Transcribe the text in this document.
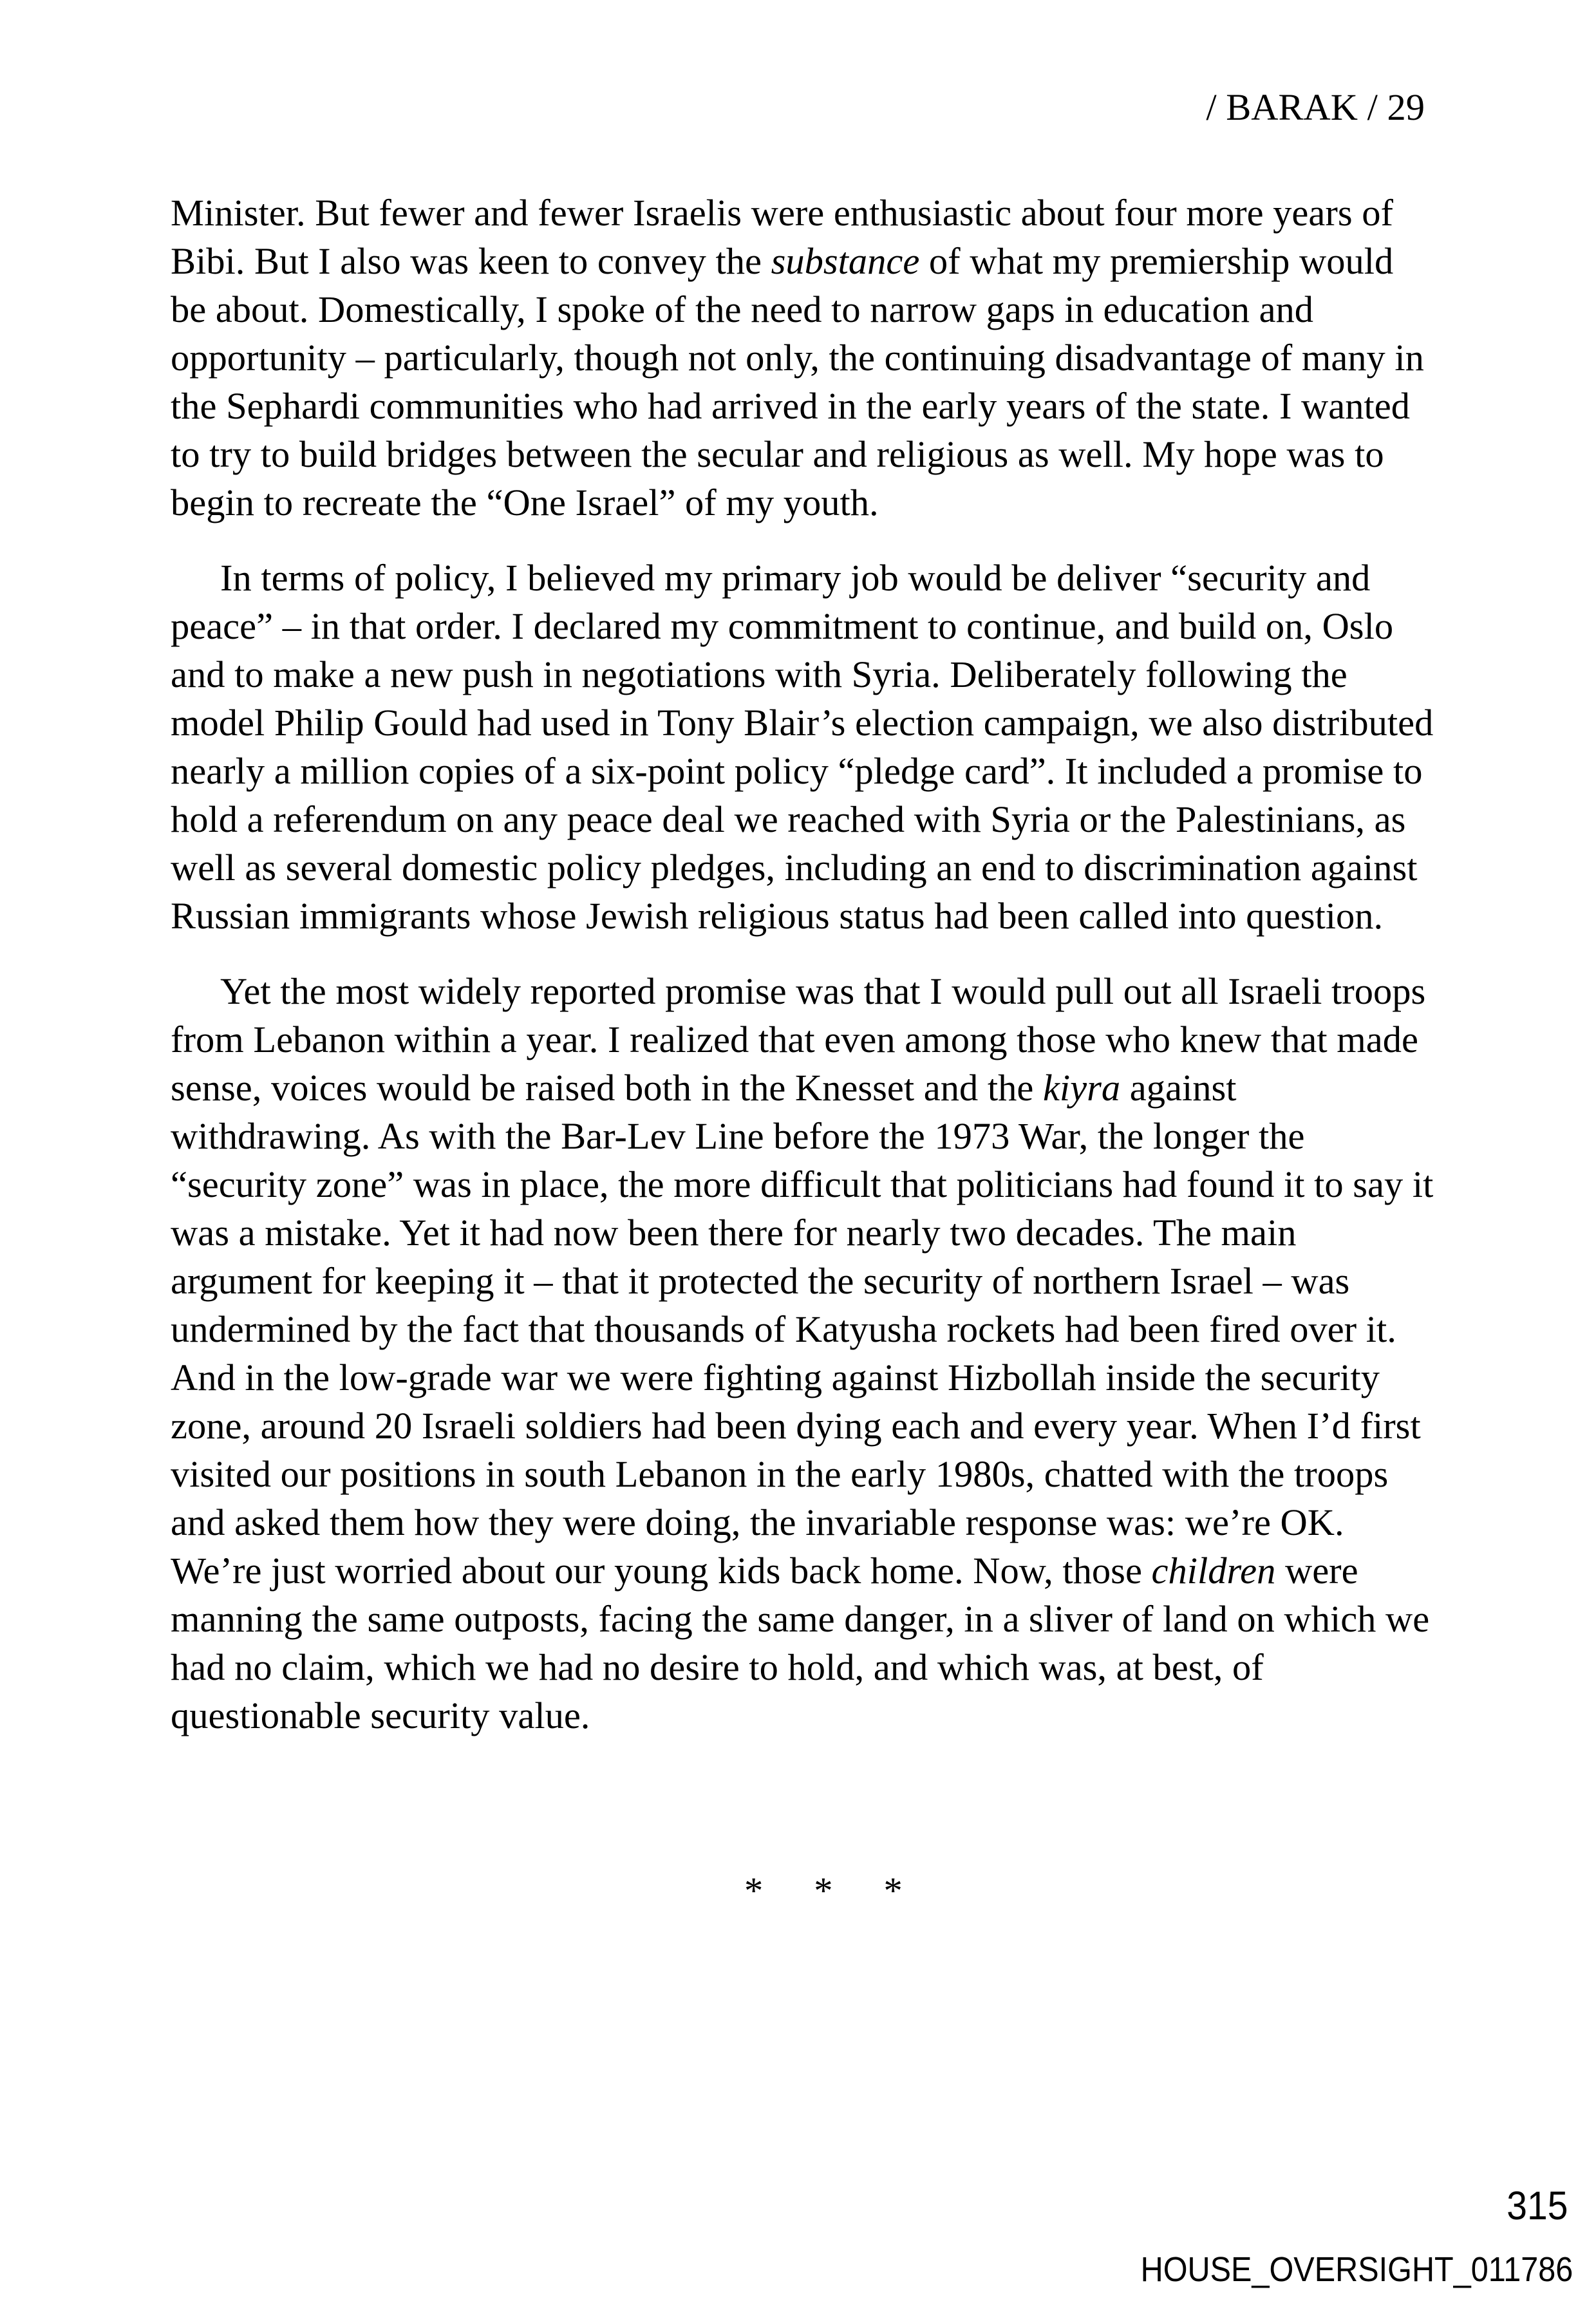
/ BARAK / 29

Minister. But fewer and fewer Israelis were enthusiastic about four more years of Bibi. But I also was keen to convey the substance of what my premiership would be about. Domestically, I spoke of the need to narrow gaps in education and opportunity – particularly, though not only, the continuing disadvantage of many in the Sephardi communities who had arrived in the early years of the state. I wanted to try to build bridges between the secular and religious as well. My hope was to begin to recreate the “One Israel” of my youth.

In terms of policy, I believed my primary job would be deliver “security and peace” – in that order. I declared my commitment to continue, and build on, Oslo and to make a new push in negotiations with Syria. Deliberately following the model Philip Gould had used in Tony Blair’s election campaign, we also distributed nearly a million copies of a six-point policy “pledge card”. It included a promise to hold a referendum on any peace deal we reached with Syria or the Palestinians, as well as several domestic policy pledges, including an end to discrimination against Russian immigrants whose Jewish religious status had been called into question.

Yet the most widely reported promise was that I would pull out all Israeli troops from Lebanon within a year. I realized that even among those who knew that made sense, voices would be raised both in the Knesset and the kiyra against withdrawing. As with the Bar-Lev Line before the 1973 War, the longer the “security zone” was in place, the more difficult that politicians had found it to say it was a mistake. Yet it had now been there for nearly two decades. The main argument for keeping it – that it protected the security of northern Israel – was undermined by the fact that thousands of Katyusha rockets had been fired over it. And in the low-grade war we were fighting against Hizbollah inside the security zone, around 20 Israeli soldiers had been dying each and every year. When I’d first visited our positions in south Lebanon in the early 1980s, chatted with the troops and asked them how they were doing, the invariable response was: we’re OK. We’re just worried about our young kids back home. Now, those children were manning the same outposts, facing the same danger, in a sliver of land on which we had no claim, which we had no desire to hold, and which was, at best, of questionable security value.

* * *
315
HOUSE_OVERSIGHT_011786
